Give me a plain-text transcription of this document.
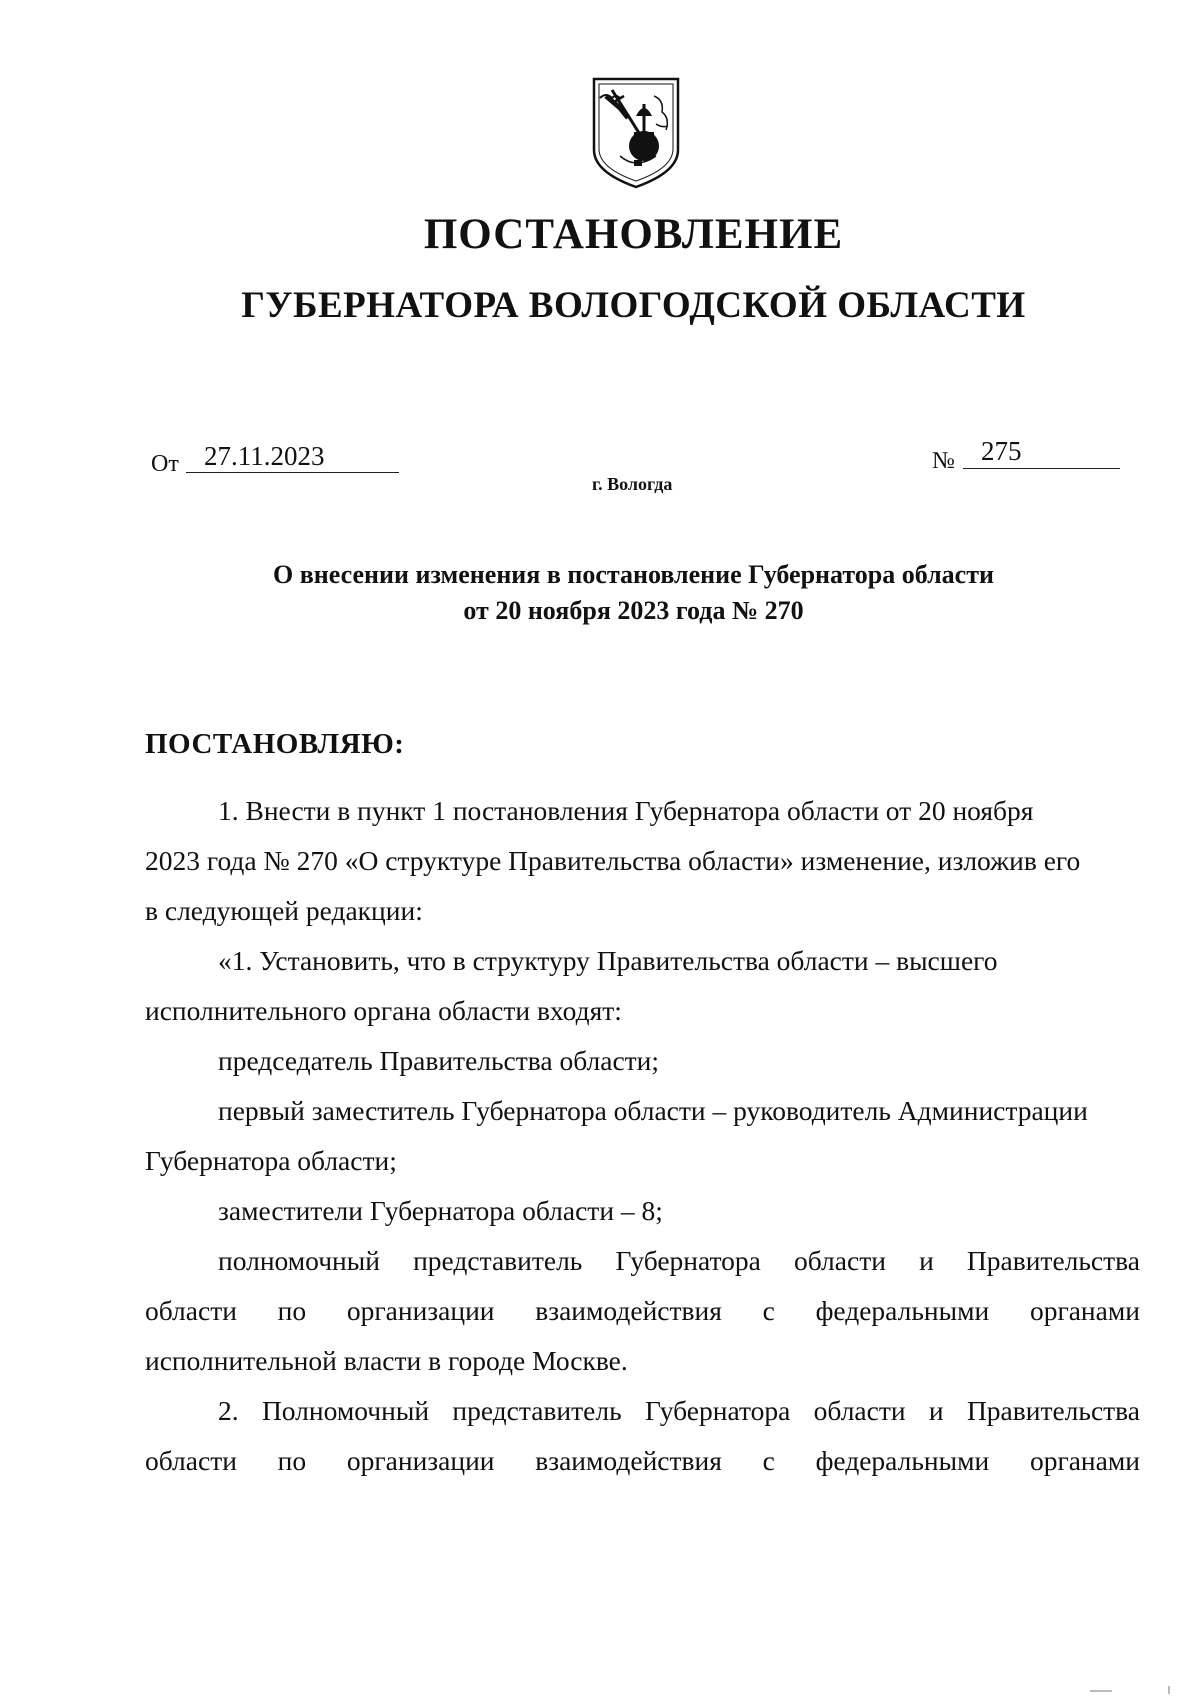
ПОСТАНОВЛЕНИЕ
ГУБЕРНАТОРА ВОЛОГОДСКОЙ ОБЛАСТИ
От 27.11.2023	№ 275
г. Вологда
О внесении изменения в постановление Губернатора области
от 20 ноября 2023 года № 270
ПОСТАНОВЛЯЮ:
1. Внести в пункт 1 постановления Губернатора области от 20 ноября
2023 года № 270 «О структуре Правительства области» изменение, изложив его
в следующей редакции:
«1. Установить, что в структуру Правительства области – высшего
исполнительного органа области входят:
председатель Правительства области;
первый заместитель Губернатора области – руководитель Администрации
Губернатора области;
заместители Губернатора области – 8;
полномочный представитель Губернатора области и Правительства
области по организации взаимодействия с федеральными органами
исполнительной власти в городе Москве.
2. Полномочный представитель Губернатора области и Правительства
области по организации взаимодействия с федеральными органами
